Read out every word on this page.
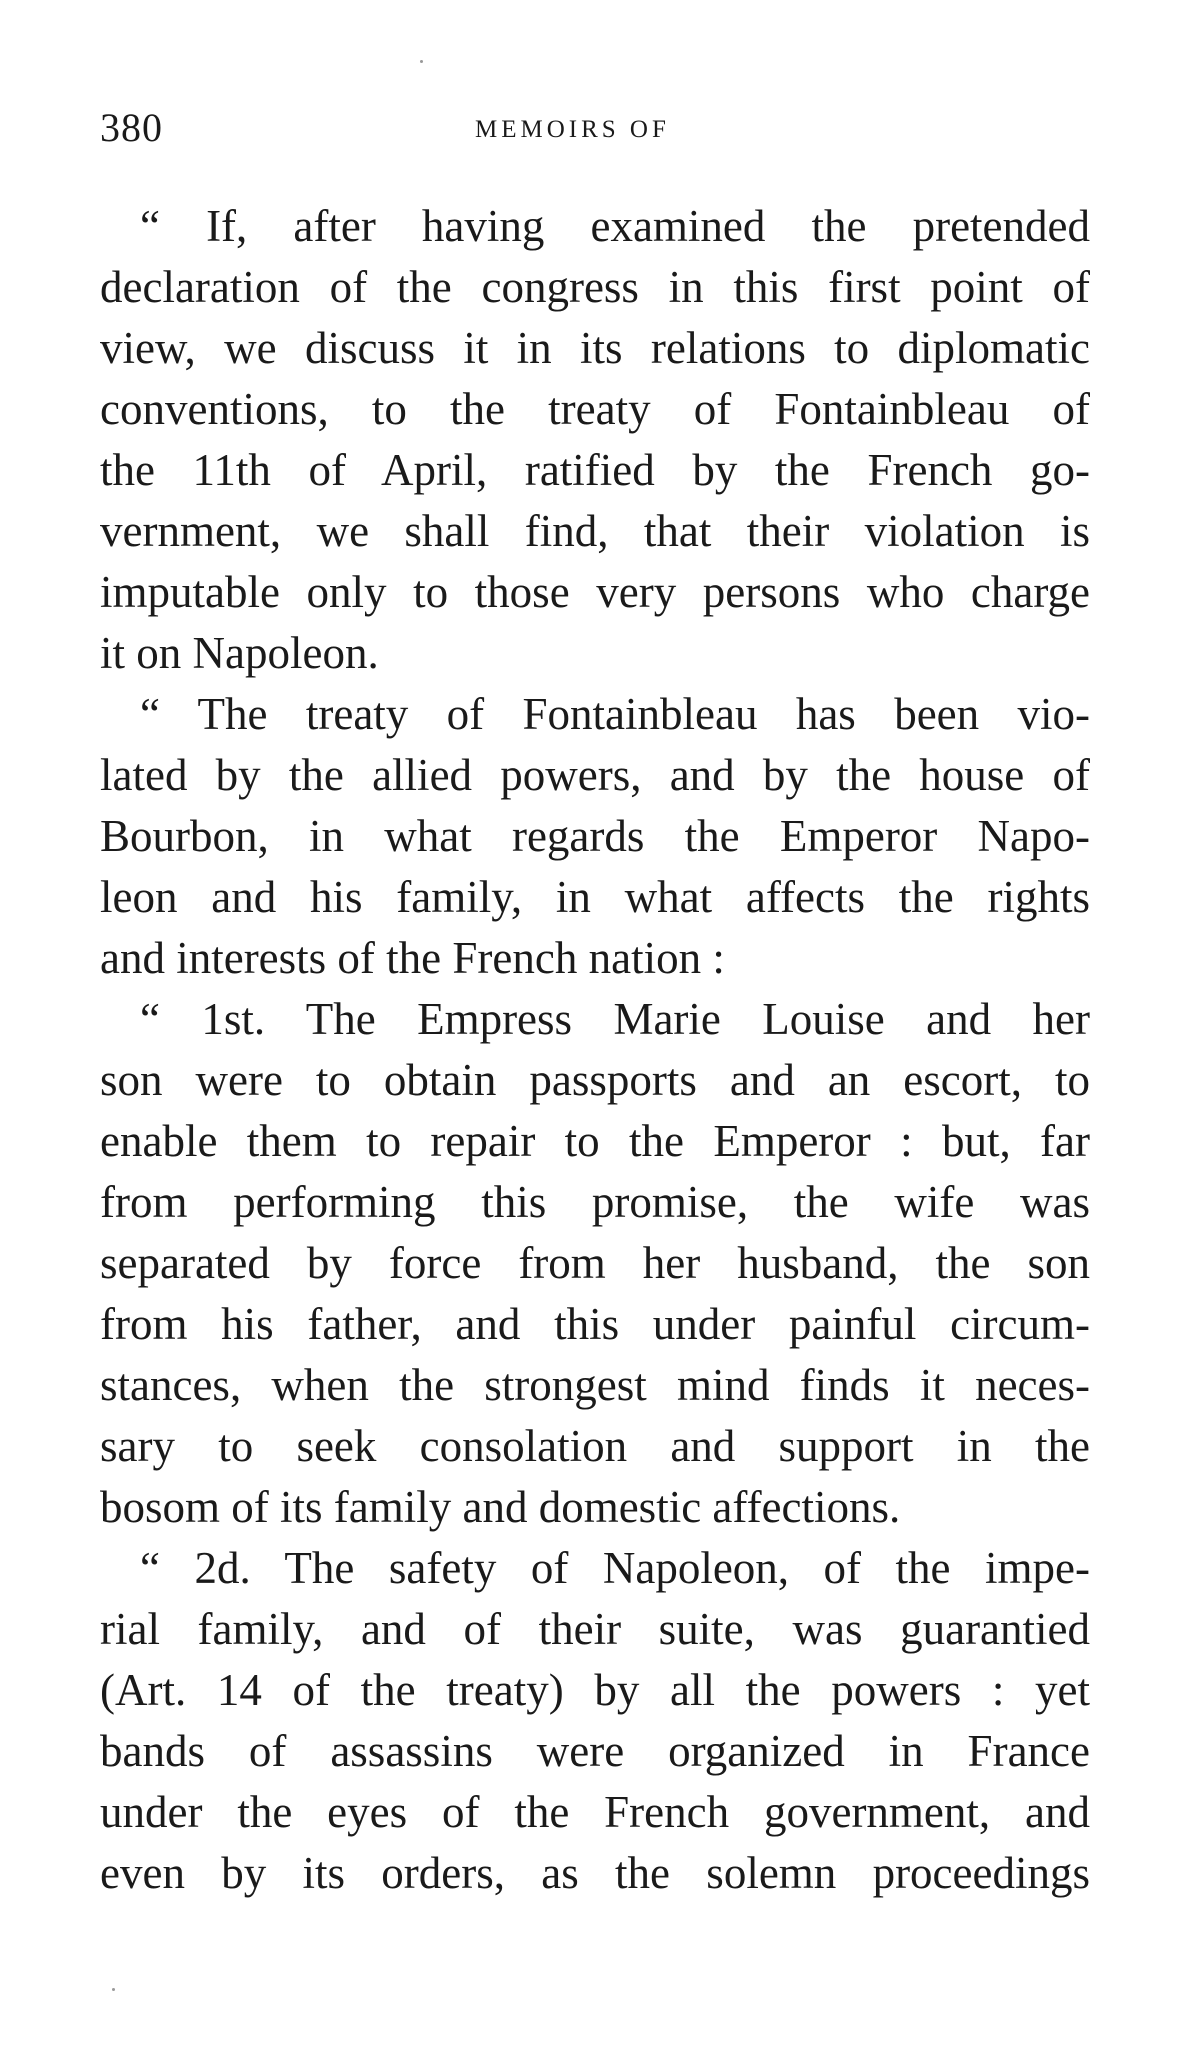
380	MEMOIRS OF
“ If, after having examined the pretended
declaration of the congress in this first point of
view, we discuss it in its relations to diplomatic
conventions, to the treaty of Fontainbleau of
the 11th of April, ratified by the French go-
vernment, we shall find, that their violation is
imputable only to those very persons who charge
it on Napoleon.
“ The treaty of Fontainbleau has been vio-
lated by the allied powers, and by the house of
Bourbon, in what regards the Emperor Napo-
leon and his family, in what affects the rights
and interests of the French nation :
“ 1st. The Empress Marie Louise and her
son were to obtain passports and an escort, to
enable them to repair to the Emperor : but, far
from performing this promise, the wife was
separated by force from her husband, the son
from his father, and this under painful circum-
stances, when the strongest mind finds it neces-
sary to seek consolation and support in the
bosom of its family and domestic affections.
“ 2d. The safety of Napoleon, of the impe-
rial family, and of their suite, was guarantied
(Art. 14 of the treaty) by all the powers : yet
bands of assassins were organized in France
under the eyes of the French government, and
even by its orders, as the solemn proceedings
